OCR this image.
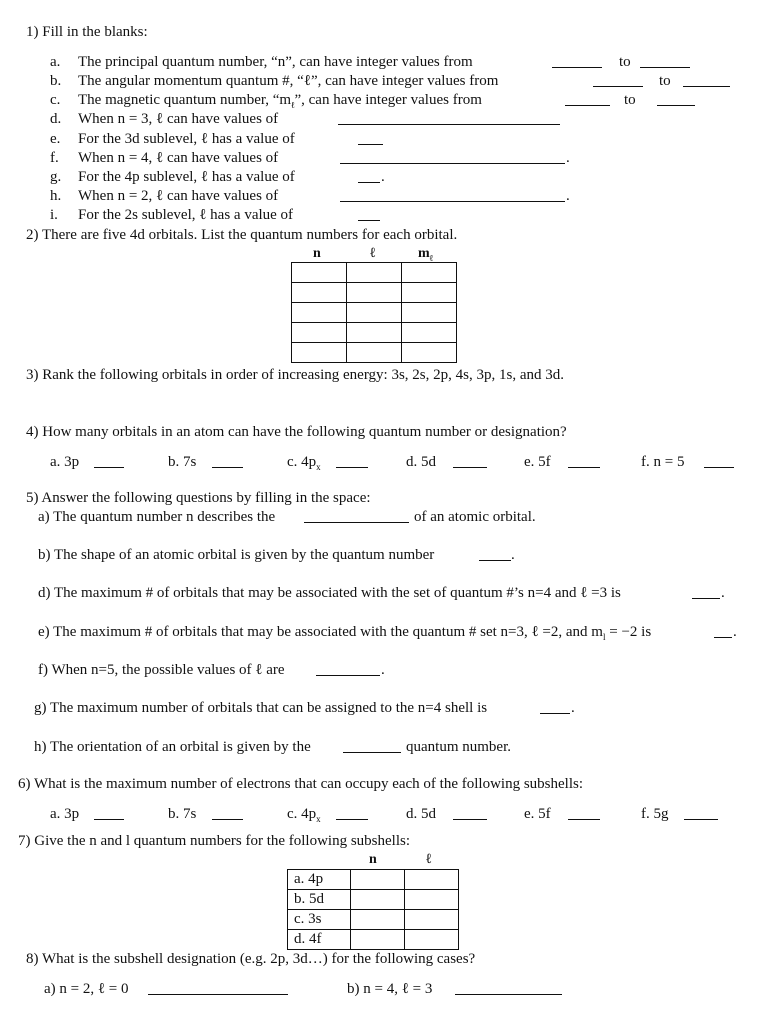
1) Fill in the blanks:
a. The principal quantum number, “n”, can have integer values from	to
b. The angular momentum quantum #, “ℓ”, can have integer values from	to
c. The magnetic quantum number, “$m_\ell$”, can have integer values from	to
d. When n = 3, ℓ can have values of
e. For the 3d sublevel, ℓ has a value of
f. When n = 4, ℓ can have values of	.
g. For the 4p sublevel, ℓ has a value of	.
h. When n = 2, ℓ can have values of	.
i. For the 2s sublevel, ℓ has a value of
2) There are five 4d orbitals. List the quantum numbers for each orbital.
n	ℓ	$m_\ell$

3) Rank the following orbitals in order of increasing energy: 3s, 2s, 2p, 4s, 3p, 1s, and 3d.
4) How many orbitals in an atom can have the following quantum number or designation?
a. 3p	b. 7s	c. $4p_x$	d. 5d	e. 5f	f. n = 5
5) Answer the following questions by filling in the space:
a) The quantum number n describes the	of an atomic orbital.
b) The shape of an atomic orbital is given by the quantum number	.
d) The maximum # of orbitals that may be associated with the set of quantum #’s n=4 and ℓ =3 is	.
e) The maximum # of orbitals that may be associated with the quantum # set n=3, ℓ =2, and $m_l = -2$ is	.
f) When n=5, the possible values of ℓ are	.
g) The maximum number of orbitals that can be assigned to the n=4 shell is	.
h) The orientation of an orbital is given by the	quantum number.
6) What is the maximum number of electrons that can occupy each of the following subshells:
a. 3p	b. 7s	c. $4p_x$	d. 5d	e. 5f	f. 5g
7) Give the n and l quantum numbers for the following subshells:
n	ℓ
a. 4p		
b. 5d		
c. 3s		
d. 4f		
8) What is the subshell designation (e.g. 2p, 3d…) for the following cases?
a) n = 2, ℓ = 0	b) n = 4, ℓ = 3
